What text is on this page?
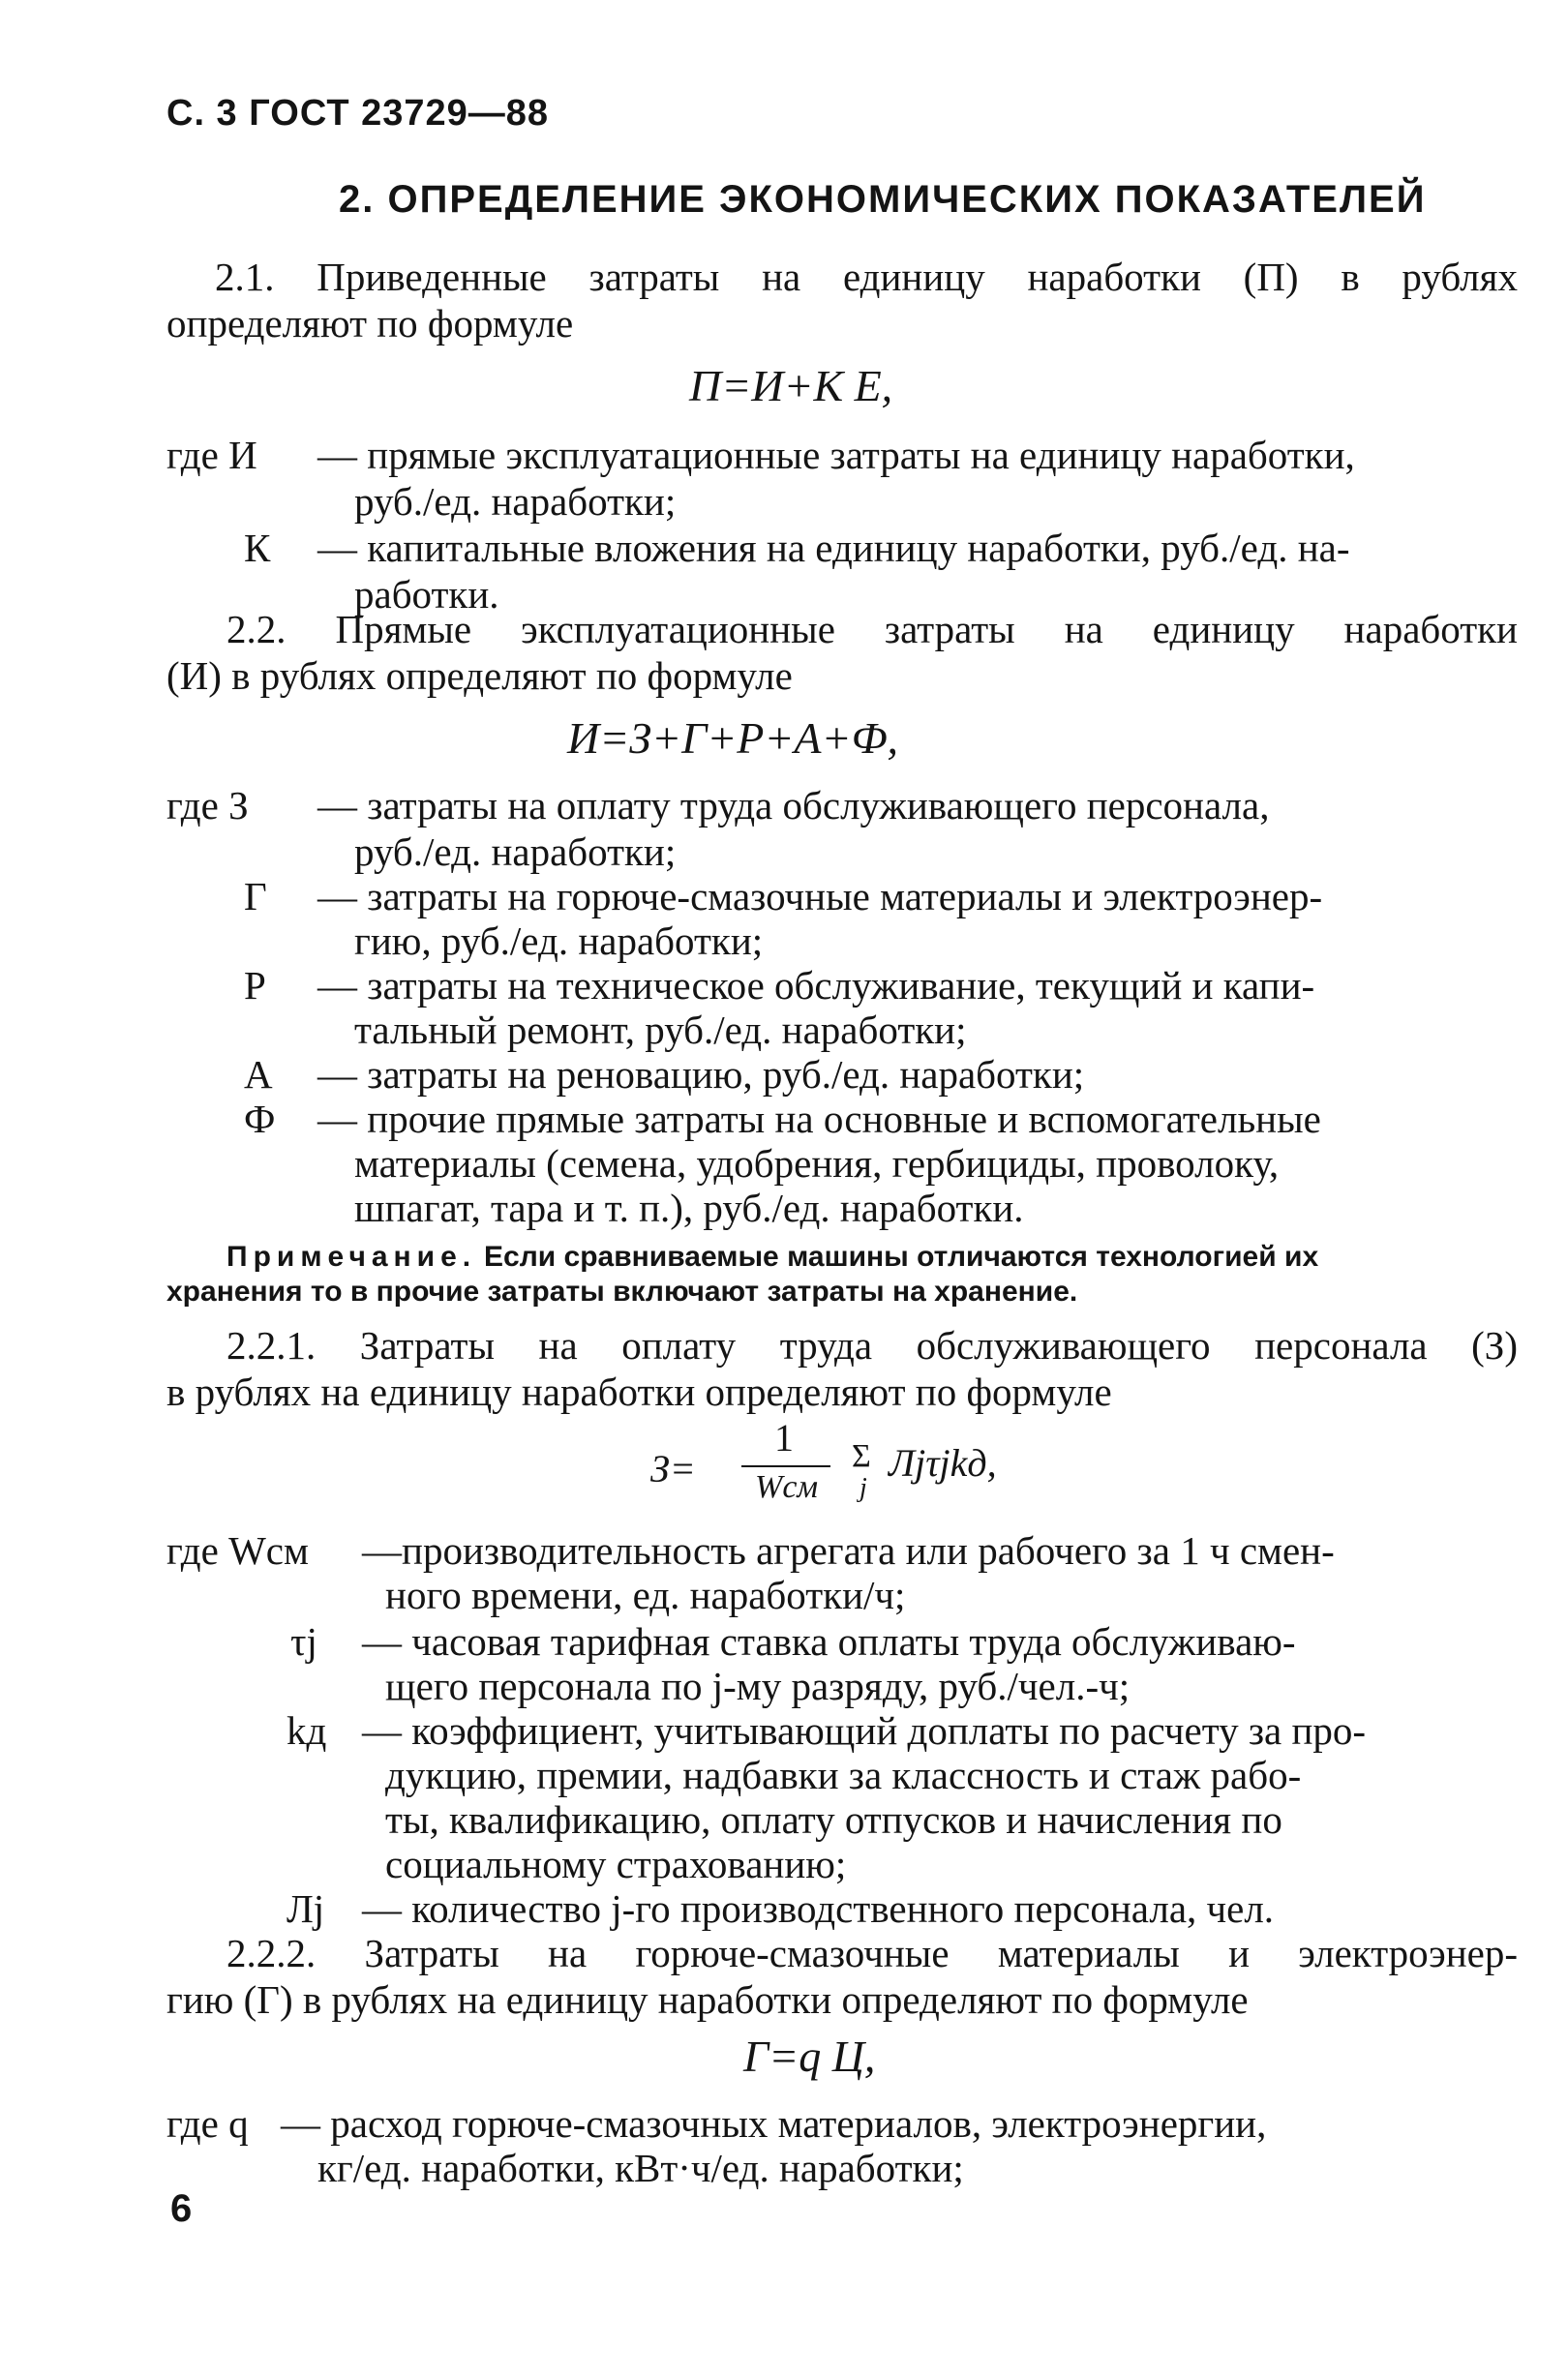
С. 3 ГОСТ 23729—88
2. ОПРЕДЕЛЕНИЕ ЭКОНОМИЧЕСКИХ ПОКАЗАТЕЛЕЙ
2.1. Приведенные затраты на единицу наработки (П) в рублях
определяют по формуле
П=И+К Е,
где И — прямые эксплуатационные затраты на единицу наработки,
руб./ед. наработки;
К — капитальные вложения на единицу наработки, руб./ед. на-
работки.
2.2. Прямые эксплуатационные затраты на единицу наработки
(И) в рублях определяют по формуле
И=З+Г+Р+А+Ф,
где З — затраты на оплату труда обслуживающего персонала,
руб./ед. наработки;
Г — затраты на горюче-смазочные материалы и электроэнер-
гию, руб./ед. наработки;
Р — затраты на техническое обслуживание, текущий и капи-
тальный ремонт, руб./ед. наработки;
А — затраты на реновацию, руб./ед. наработки;
Ф — прочие прямые затраты на основные и вспомогательные
материалы (семена, удобрения, гербициды, проволоку,
шпагат, тара и т. п.), руб./ед. наработки.
Примечание. Если сравниваемые машины отличаются технологией их
хранения то в прочие затраты включают затраты на хранение.
2.2.1. Затраты на оплату труда обслуживающего персонала (З)
в рублях на единицу наработки определяют по формуле
З=
1
Wсм
Σ
j
Лjτjkд,
где Wсм —производительность агрегата или рабочего за 1 ч смен-
ного времени, ед. наработки/ч;
τj — часовая тарифная ставка оплаты труда обслуживаю-
щего персонала по j-му разряду, руб./чел.-ч;
kд — коэффициент, учитывающий доплаты по расчету за про-
дукцию, премии, надбавки за классность и стаж рабо-
ты, квалификацию, оплату отпусков и начисления по
социальному страхованию;
Лj — количество j-го производственного персонала, чел.
2.2.2. Затраты на горюче-смазочные материалы и электроэнер-
гию (Г) в рублях на единицу наработки определяют по формуле
Г=q Ц,
где q — расход горюче-смазочных материалов, электроэнергии,
кг/ед. наработки, кВт·ч/ед. наработки;
6
